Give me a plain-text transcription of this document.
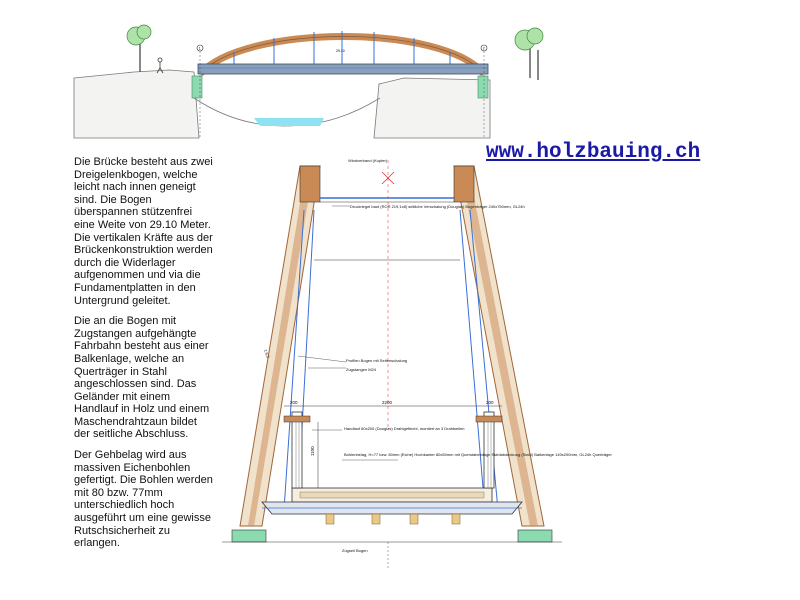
1	2
29.10
www.holzbauing.ch

Die Brücke besteht aus zwei Dreigelenkbogen, welche leicht nach innen geneigt sind. Die Bogen überspannen stützenfrei eine Weite von 29.10 Meter. Die vertikalen Kräfte aus der Brückenkonstruktion werden durch die Widerlager aufgenommen und via die Fundamentplatten in den Untergrund geleitet.

Die an die Bogen mit Zugstangen aufgehängte Fahrbahn besteht aus einer Balkenlage, welche an Querträger in Stahl angeschlossen sind. Das Geländer mit einem Handlauf in Holz und einem Maschendrahtzaun bildet der seitliche Abschluss.

Der Gehbelag wird aus massiven Eichenbohlen gefertigt. Die Bohlen werden mit 80 bzw. 77mm unterschiedlich hoch ausgeführt um eine gewisse Rutschsicherheit zu erlangen.

Windverband (Kupfer)
Druckriegel baut (ROR 219,1x8) seitliche Verschalung (Douglas) Bogenträger 240x750mm, GL24h
1:6,5
Profilen Bogen mit Seitenschalung
Zugstangen M24
2200
200	200
Handlauf 60x200 (Douglas) Drahtgeflecht, montiert an 3 Drahtseilen
1100	Bohlenbelag, H=77 bzw. 80mm (Eiche) Hochkanter 80x50mm mit Querstabeinlage Stahlabdeckung (Stahl) Balkenlage 140x200mm, GL24h Querträger
Zugseil Bogen
